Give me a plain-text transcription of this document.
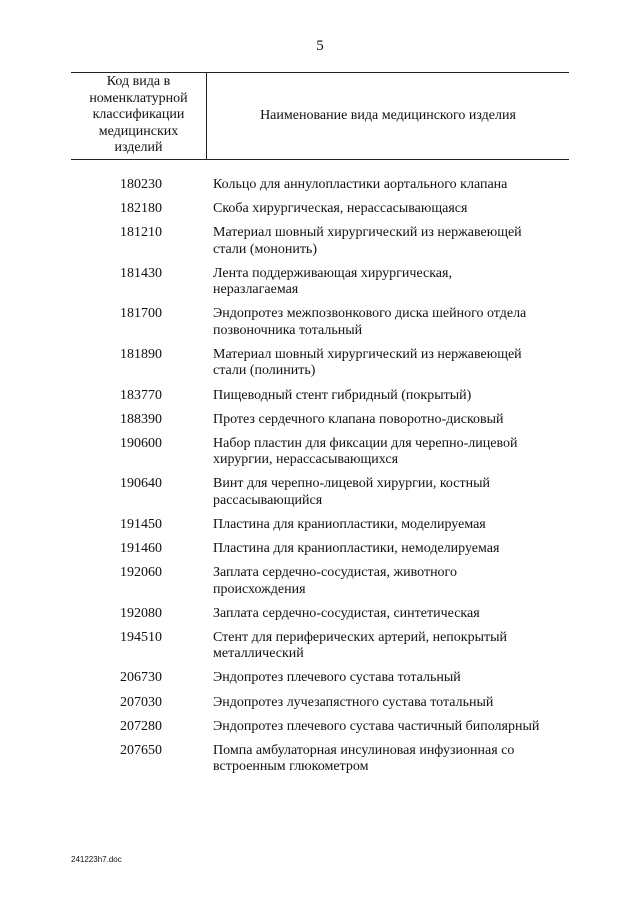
5
Код вида в
номенклатурной
классификации
медицинских
изделий
Наименование вида медицинского изделия
180230	Кольцо для аннулопластики аортального клапана
182180	Скоба хирургическая, нерассасывающаяся
181210	Материал шовный хирургический из нержавеющей
стали (мононить)
181430	Лента поддерживающая хирургическая,
неразлагаемая
181700	Эндопротез межпозвонкового диска шейного отдела
позвоночника тотальный
181890	Материал шовный хирургический из нержавеющей
стали (полинить)
183770	Пищеводный стент гибридный (покрытый)
188390	Протез сердечного клапана поворотно-дисковый
190600	Набор пластин для фиксации для черепно-лицевой
хирургии, нерассасывающихся
190640	Винт для черепно-лицевой хирургии, костный
рассасывающийся
191450	Пластина для краниопластики, моделируемая
191460	Пластина для краниопластики, немоделируемая
192060	Заплата сердечно-сосудистая, животного
происхождения
192080	Заплата сердечно-сосудистая, синтетическая
194510	Стент для периферических артерий, непокрытый
металлический
206730	Эндопротез плечевого сустава тотальный
207030	Эндопротез лучезапястного сустава тотальный
207280	Эндопротез плечевого сустава частичный биполярный
207650	Помпа амбулаторная инсулиновая инфузионная со
встроенным глюкометром
241223h7.doc
